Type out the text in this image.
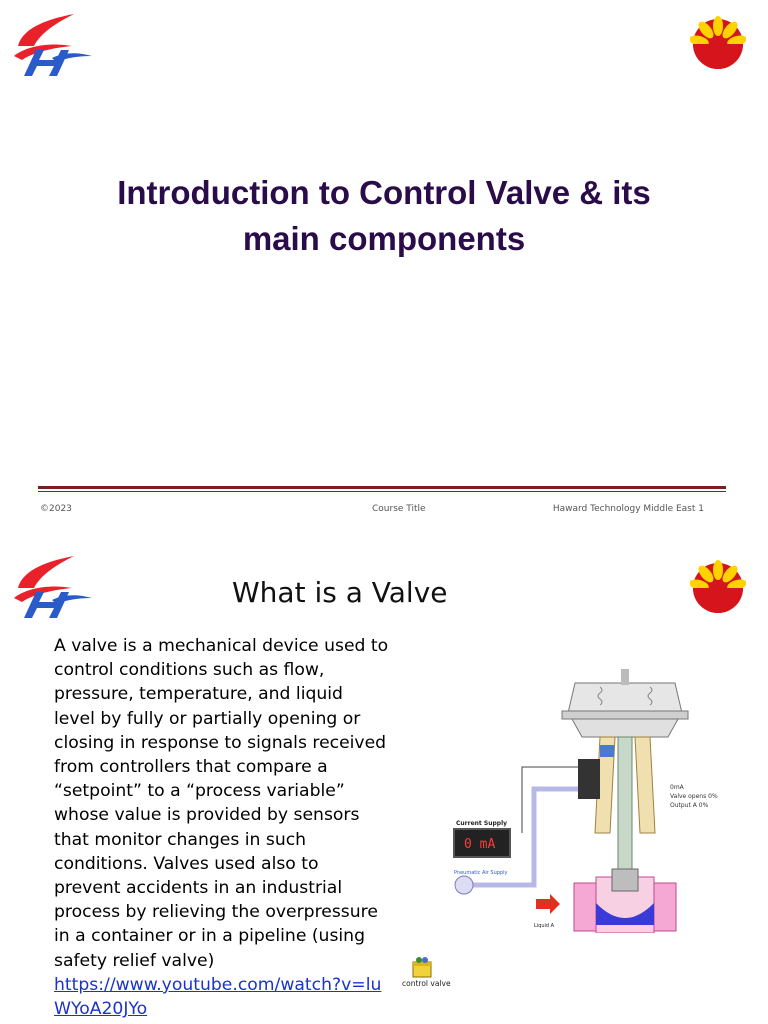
Introduction to Control Valve & its
main components
©2023	Course Title	Haward Technology Middle East 1
What is a Valve
A valve is a mechanical device used to control conditions such as flow, pressure, temperature, and liquid level by fully or partially opening or closing in response to signals received from controllers that compare a “setpoint” to a “process variable” whose value is provided by sensors that monitor changes in such conditions. Valves used also to prevent accidents in an industrial process by relieving the overpressure in a container or in a pipeline (using safety relief valve)
https://www.youtube.com/watch?v=luWYoA20JYo
Current Supply
0 mA
Pneumatic Air Supply
0mA
Valve opens 0%
Output A 0%
Liquid A
control valve
